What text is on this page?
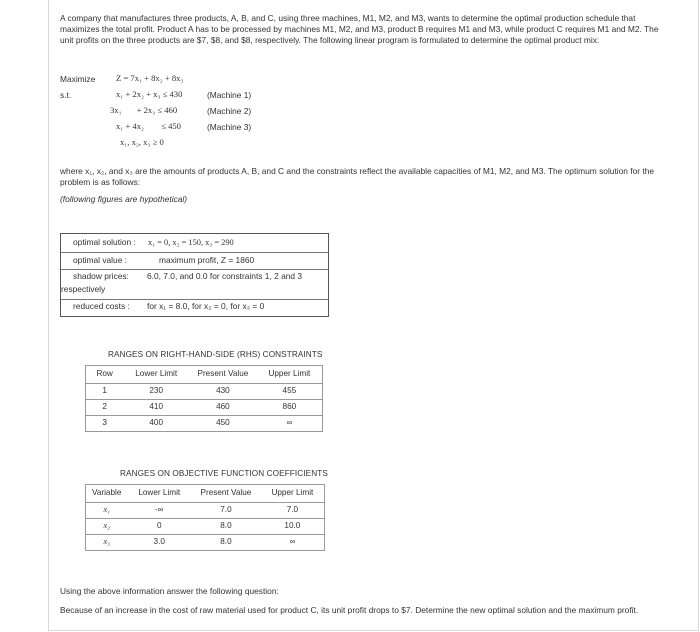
A company that manufactures three products, A, B, and C, using three machines, M1, M2, and M3, wants to determine the optimal production schedule that

maximizes the total profit. Product A has to be processed by machines M1, M2, and M3, product B requires M1 and M3, while product C requires M1 and M2. The

unit profits on the three products are $7, $8, and $8, respectively. The following linear program is formulated to determine the optimal product mix:

Maximize
s.t.
Z = 7x₁ + 8x₂ + 8x₃
x₁ + 2x₂ + x₃ ≤ 430	(Machine 1)
3x₁       + 2x₃ ≤ 460	(Machine 2)
x₁ + 4x₂        ≤ 450	(Machine 3)
x₁, x₂, x₃ ≥ 0

where x₁, x₂, and x₃ are the amounts of products A, B, and C and the constraints reflect the available capacities of M1, M2, and M3. The optimum solution for the

problem is as follows:

(following figures are hypothetical)
optimal solution : x₁ = 0, x₂ = 150, x₃ = 290
optimal value :	maximum profit, Z = 1860
shadow prices: 6.0, 7.0, and 0.0 for constraints 1, 2 and 3
respectively
reduced costs : for x₁ = 8.0, for x₂ = 0, for x₃ = 0
RANGES ON RIGHT-HAND-SIDE (RHS) CONSTRAINTS
Row	Lower Limit	Present Value	Upper Limit
1	230	430	455
2	410	460	860
3	400	450	∞
RANGES ON OBJECTIVE FUNCTION COEFFICIENTS
Variable	Lower Limit	Present Value	Upper Limit
x₁	-∞	7.0	7.0
x₂	0	8.0	10.0
x₃	3.0	8.0	∞

Using the above information answer the following question:

Because of an increase in the cost of raw material used for product C, its unit profit drops to $7. Determine the new optimal solution and the maximum profit.
